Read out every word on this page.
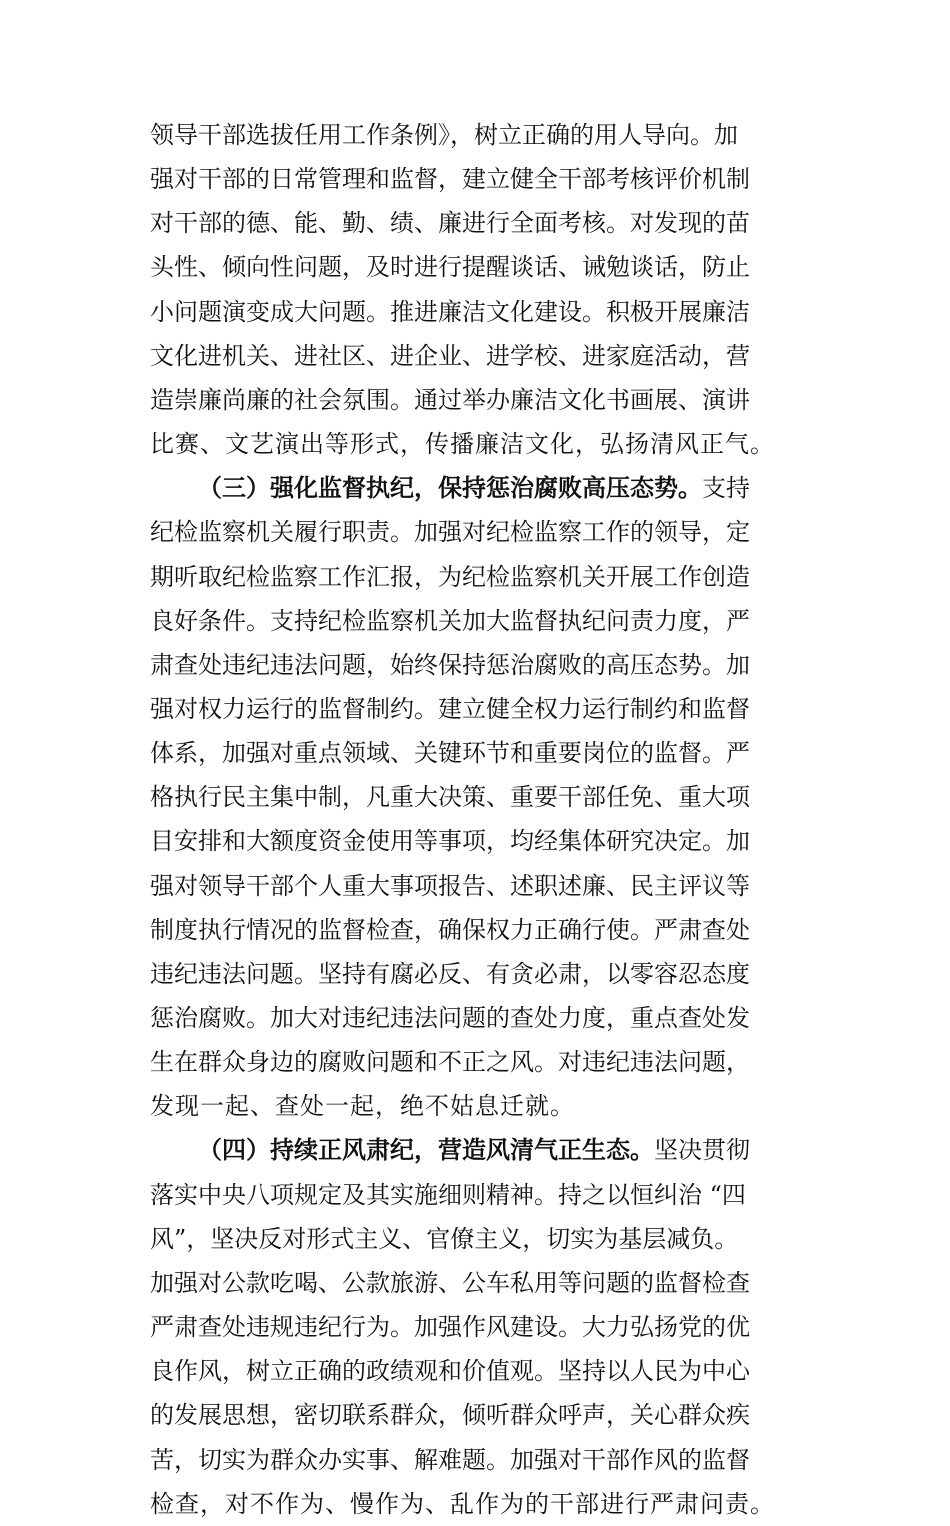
领导干部选拔任用工作条例》，树立正确的用人导向。加
强对干部的日常管理和监督，建立健全干部考核评价机制
对干部的德、能、勤、绩、廉进行全面考核。对发现的苗
头性、倾向性问题，及时进行提醒谈话、诫勉谈话，防止
小问题演变成大问题。推进廉洁文化建设。积极开展廉洁
文化进机关、进社区、进企业、进学校、进家庭活动，营
造崇廉尚廉的社会氛围。通过举办廉洁文化书画展、演讲
比赛、文艺演出等形式，传播廉洁文化，弘扬清风正气。
（三）强化监督执纪，保持惩治腐败高压态势。支持
纪检监察机关履行职责。加强对纪检监察工作的领导，定
期听取纪检监察工作汇报，为纪检监察机关开展工作创造
良好条件。支持纪检监察机关加大监督执纪问责力度，严
肃查处违纪违法问题，始终保持惩治腐败的高压态势。加
强对权力运行的监督制约。建立健全权力运行制约和监督
体系，加强对重点领域、关键环节和重要岗位的监督。严
格执行民主集中制，凡重大决策、重要干部任免、重大项
目安排和大额度资金使用等事项，均经集体研究决定。加
强对领导干部个人重大事项报告、述职述廉、民主评议等
制度执行情况的监督检查，确保权力正确行使。严肃查处
违纪违法问题。坚持有腐必反、有贪必肃，以零容忍态度
惩治腐败。加大对违纪违法问题的查处力度，重点查处发
生在群众身边的腐败问题和不正之风。对违纪违法问题，
发现一起、查处一起，绝不姑息迁就。
（四）持续正风肃纪，营造风清气正生态。坚决贯彻
落实中央八项规定及其实施细则精神。持之以恒纠治 “四
风”，坚决反对形式主义、官僚主义，切实为基层减负。
加强对公款吃喝、公款旅游、公车私用等问题的监督检查
严肃查处违规违纪行为。加强作风建设。大力弘扬党的优
良作风，树立正确的政绩观和价值观。坚持以人民为中心
的发展思想，密切联系群众，倾听群众呼声，关心群众疾
苦，切实为群众办实事、解难题。加强对干部作风的监督
检查，对不作为、慢作为、乱作为的干部进行严肃问责。
